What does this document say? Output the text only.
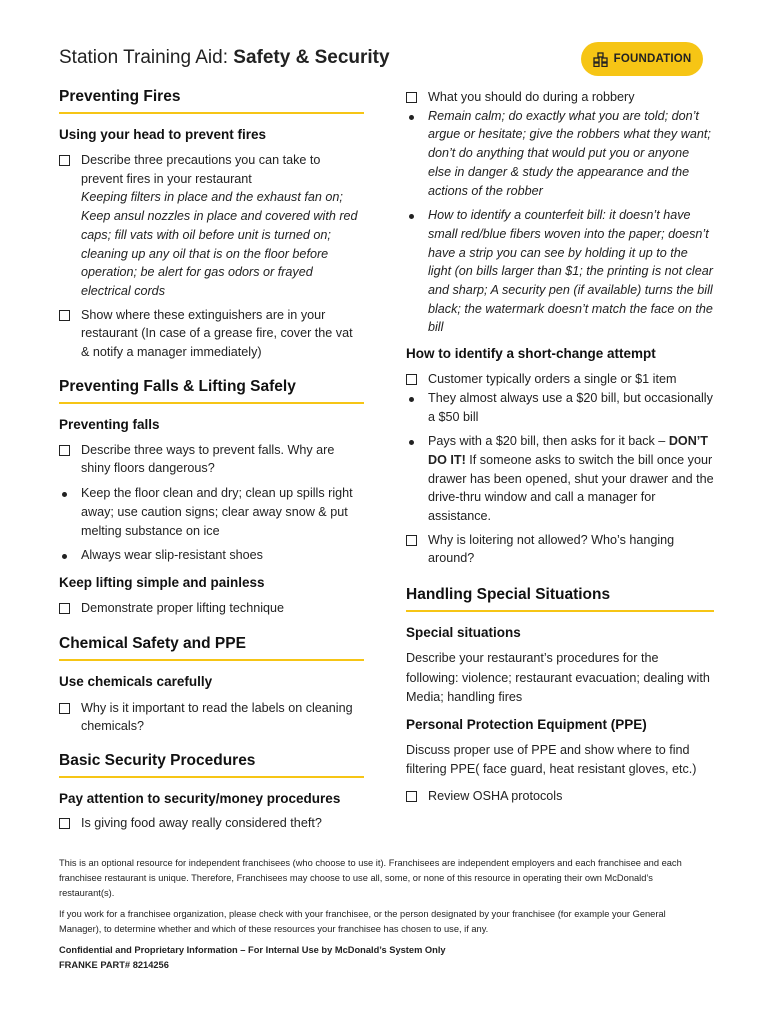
Station Training Aid: Safety & Security	FOUNDATION
Preventing Fires
Using your head to prevent fires
Describe three precautions you can take to prevent fires in your restaurant
Keeping filters in place and the exhaust fan on; Keep ansul nozzles in place and covered with red caps; fill vats with oil before unit is turned on; cleaning up any oil that is on the floor before operation; be alert for gas odors or frayed electrical cords
Show where these extinguishers are in your restaurant (In case of a grease fire, cover the vat & notify a manager immediately)
Preventing Falls & Lifting Safely
Preventing falls
Describe three ways to prevent falls. Why are shiny floors dangerous?
Keep the floor clean and dry; clean up spills right away; use caution signs; clear away snow & put melting substance on ice
Always wear slip-resistant shoes
Keep lifting simple and painless
Demonstrate proper lifting technique
Chemical Safety and PPE
Use chemicals carefully
Why is it important to read the labels on cleaning chemicals?
Basic Security Procedures
Pay attention to security/money procedures
Is giving food away really considered theft?
What you should do during a robbery
Remain calm; do exactly what you are told; don’t argue or hesitate; give the robbers what they want; don’t do anything that would put you or anyone else in danger & study the appearance and the actions of the robber
How to identify a counterfeit bill: it doesn’t have small red/blue fibers woven into the paper; doesn’t have a strip you can see by holding it up to the light (on bills larger than $1; the printing is not clear and sharp; A security pen (if available) turns the bill black; the watermark doesn’t match the face on the bill
How to identify a short-change attempt
Customer typically orders a single or $1 item
They almost always use a $20 bill, but occasionally a $50 bill
Pays with a $20 bill, then asks for it back – DON’T DO IT! If someone asks to switch the bill once your drawer has been opened, shut your drawer and the drive-thru window and call a manager for assistance.
Why is loitering not allowed? Who’s hanging around?
Handling Special Situations
Special situations

Describe your restaurant’s procedures for the following: violence; restaurant evacuation; dealing with Media; handling fires

Personal Protection Equipment (PPE)

Discuss proper use of PPE and show where to find filtering PPE( face guard, heat resistant gloves, etc.)

Review OSHA protocols

This is an optional resource for independent franchisees (who choose to use it). Franchisees are independent employers and each franchisee and each franchisee restaurant is unique. Therefore, Franchisees may choose to use all, some, or none of this resource in operating their own McDonald’s restaurant(s).

If you work for a franchisee organization, please check with your franchisee, or the person designated by your franchisee (for example your General Manager), to determine whether and which of these resources your franchisee has chosen to use, if any.

Confidential and Proprietary Information – For Internal Use by McDonald’s System Only

FRANKE PART# 8214256
